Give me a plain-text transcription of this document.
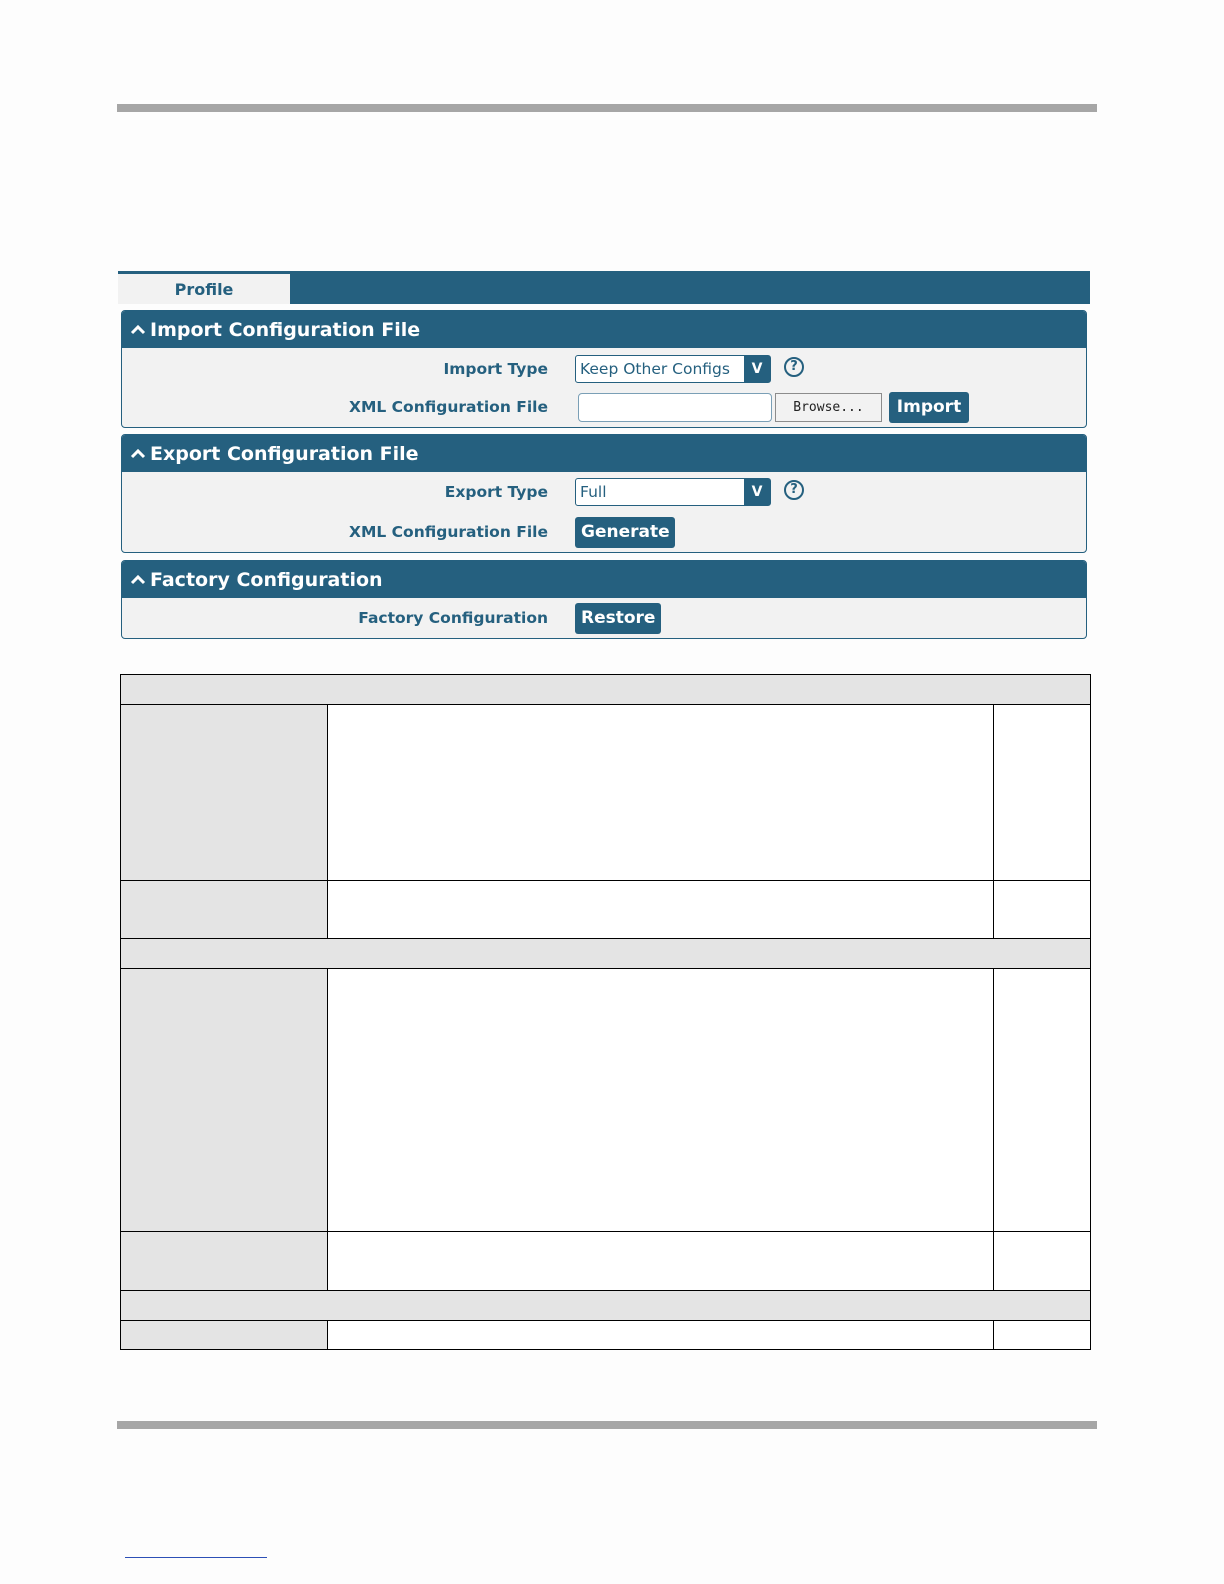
Profile
Import Configuration File
Import Type Keep Other Configs	V	?
XML Configuration File	Browse...	Import
Export Configuration File
Export Type Full	V	?
XML Configuration File	Generate
Factory Configuration
Factory Configuration	Restore
